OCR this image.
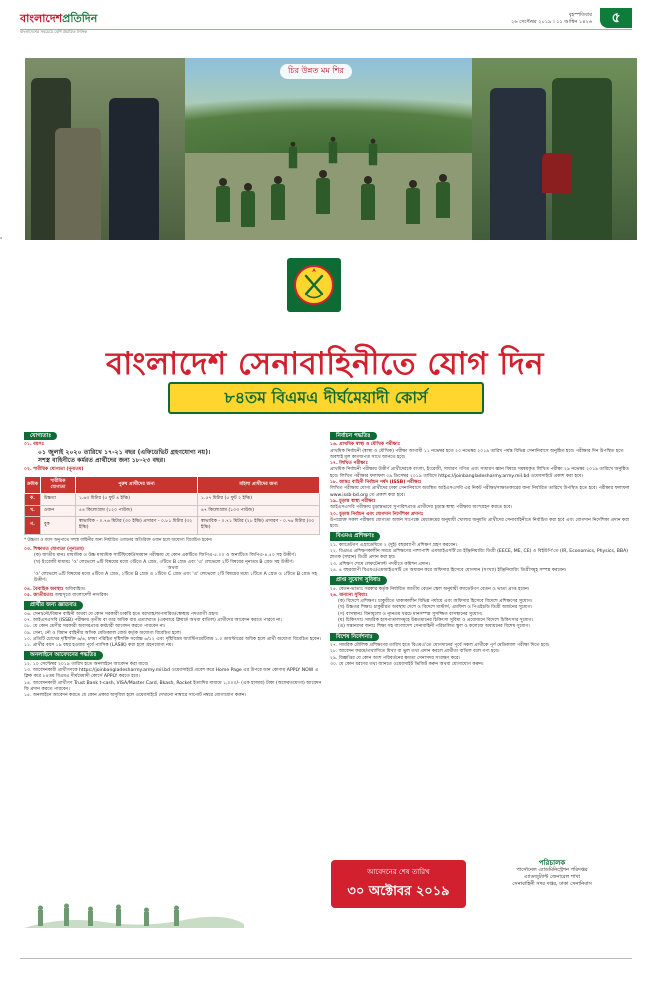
বাংলাদেশপ্রতিদিন
বাংলাদেশের সবচেয়ে বেশি প্রচারিত দৈনিক
বৃহস্পতিবার
২৬ সেপ্টেম্বর ২০১৯ । ১১ আশ্বিন ১৪২৬	৫
▪
চির উন্নত মম শির
বাংলাদেশ সেনাবাহিনীতে যোগ দিন
৮৪তম বিএমএ দীর্ঘমেয়াদী কোর্স
যোগ্যতাঃ
০১. বয়সঃ
০১ জুলাই ২০২০ তারিখে ১৭-২১ বছর (এফিডেভিট গ্রহণযোগ্য নয়)।
সশস্ত্র বাহিনীতে কর্মরত প্রার্থীদের জন্য ১৮-২৩ বছর।
০২. শারীরিক যোগ্যতা (নূন্যতম)
ক্রমিক	শারীরিক যোগ্যতা	পুরুষ প্রার্থীদের জন্য	মহিলা প্রার্থীদের জন্য
ক.	উচ্চতা	১.৬৩ মিটার (৫ ফুট ৪ ইঞ্চি)	১.৫৭ মিটার (৫ ফুট ২ ইঞ্চি)
খ.	ওজন	৫৪ কিলোগ্রাম (১২০ পাউন্ড)	৪৭ কিলোগ্রাম (১০৩ পাউন্ড)
গ.	বুক	স্বাভাবিক - ০.৭৬ মিটার (৩০ ইঞ্চি) প্রসারণ - ০.৮১ মিটার (৩২ ইঞ্চি)	স্বাভাবিক - ০.৭১ মিটার (২৮ ইঞ্চি) প্রসারণ - ০.৭৬ মিটার (৩০ ইঞ্চি)
* উচ্চতা ও বয়স অনুপাতে সশস্ত্র বাহিনীর জন্য নির্ধারিত ওজনের অতিরিক্ত ওজন হলে অযোগ্য বিবেচিত হবেন।
০৩. শিক্ষাগত যোগ্যতা (নূন্যতম)
(ক) জাতীয় মানঃ মাধ্যমিক ও উচ্চ মাধ্যমিক সার্টিফিকেট/সমমান পরীক্ষায় যে কোন একটিতে জিপিএ-৫.০০ ও অন্যটিতে জিপিএ-৪.৫০ সহ উত্তীর্ণ।
(খ) ইংরেজী মাধ্যমঃ 'ও' লেভেলে ৬টি বিষয়ের মধ্যে ৩টিতে A গ্রেড, ৩টিতে B গ্রেড এবং 'এ' লেভেলে ২টি বিষয়ের নূন্যতম B গ্রেড সহ উত্তীর্ণ।
অথবা
'ও' লেভেলে ৬টি বিষয়ের মধ্যে ৪টিতে A গ্রেড, ২টিতে B গ্রেড ও ১টিতে C গ্রেড এবং 'এ' লেভেলে ২টি বিষয়ের মধ্যে ১টিতে A গ্রেড ও ১টিতে B গ্রেড সহ উত্তীর্ণ।
০৪. বৈবাহিক অবস্থাঃ অবিবাহিত।
০৫. জাতীয়তাঃ জন্মসূত্রে বাংলাদেশী নাগরিক।
প্রার্থীর জন্য জ্ঞাতব্যঃ
০৬. সেনা/নৌ/বিমান বাহিনী অথবা যে কোন সরকারী চাকরি হতে বরখাস্ত/অপসারিত/স্বেচ্ছায় পদত্যাগী গ্রহণ।
০৭. আইএসএসবি (ISSB) পরীক্ষায় তৃতীয় বা তার অধিক বার প্রত্যাখ্যাত (একবারে ক্লিয়ার্ড অথবা বাতিল) প্রার্থীদের আবেদন করতে পারবে না।
০৮. যে কোন শ্রেণীর সরকারী অবসরপ্রাপ্ত কর্মচারী আবেদন করতে পারবেন না।
০৯. সেনা, নৌ ও বিমান বাহিনীর অসিক মেডিক্যাল বোর্ড কর্তৃক অযোগ্য বিবেচিত হলে।
১০. প্রতিটি চোখের দৃষ্টিশক্তি ৬/৬, চশমা পরিহিত দৃষ্টিশক্তি সর্বোচ্চ ৬/১২ এবং দৃষ্টিবিভ্রম অ্যাস্টিগমেটিজম ১.০ ডায়প্টারের অধিক হলে প্রার্থী অযোগ্য বিবেচিত হবেন।
১১. প্রার্থীর বয়স ১৯ বছর হওয়ার পূর্বে প্যাসিক (LASIK) করা হলে গ্রহণযোগ্য নয়।
অনলাইনে আবেদনের পদ্ধতিঃ
১২. ১০ সেপ্টেম্বর ২০১৯ তারিখ হতে অনলাইনে আবেদন করা যাবে।
১৩. আবেদনকারী প্রার্থীগণকে https://joinbangladesharmy.army.mil.bd ওয়েবসাইটে প্রবেশ করে Home Page এর উপরে ডান কোণায় APPLY NOW এ ক্লিক করে ৮৪তম বিএমএ দীর্ঘমেয়াদী কোর্সে APPLY করতে হবে।
১৪. আবেদনকারী প্রার্থীগণ Trust Bank t-cash, VISA/Master Card, Bkash, Rocket ইত্যাদির মাধ্যমে ১,০০০/- (এক হাজার) টাকা (অফেরতযোগ্য) আবেদন ফি প্রদান করতে পারবেন।
১৫. অনলাইনে আবেদন করতে যে কোন প্রকার অসুবিধা হলে ওয়েবসাইটে দেখানো নাম্বারে সাপোর্ট নম্বরে যোগাযোগ করুন।
নির্বাচন পদ্ধতিঃ
১৬. প্রাথমিক স্বাস্থ্য ও মৌখিক পরীক্ষাঃ
প্রাথমিক নির্বাচনী (স্বাস্থ্য ও মৌখিক) পরীক্ষা আগামী ১১ নভেম্বর হতে ২০ নভেম্বর ২০১৯ তারিখ পর্যন্ত বিভিন্ন সেনানিবাসে অনুষ্ঠিত হবে। পরীক্ষার দিন উপস্থিত হতে অবশ্যই মূল কাগজপত্র সাথে আনতে হবে।
১৭. লিখিত পরীক্ষাঃ
প্রাথমিক নির্বাচনী পরীক্ষায় উত্তীর্ণ প্রার্থীদেরকে বাংলা, ইংরেজী, সাধারণ গণিত এবং সাধারণ জ্ঞান বিষয়ে সমন্বয়কৃত লিখিত পরীক্ষা ২৯ নভেম্বর ২০১৯ তারিখে অনুষ্ঠিত হবে। লিখিত পরীক্ষার ফলাফল ০৯ ডিসেম্বর ২০১৯ তারিখে https://joinbangladesharmy.army.mil.bd ওয়েবসাইটে প্রকাশ করা হবে।
১৮. আন্তঃ বাহিনী নির্বাচন পর্ষদ (ISSB) পরীক্ষাঃ
লিখিত পরীক্ষায় যোগ্য প্রার্থীদের ঢাকা সেনানিবাসে অবস্থিত আইএসএসবি এর নিকট পরীক্ষা/সাক্ষাতকারের জন্য নির্ধারিত তারিখে উপস্থিত হতে হবে। পরীক্ষার ফলাফল www.issb-bd.org তে প্রকাশ করা হবে।
১৯. চূড়ান্ত স্বাস্থ্য পরীক্ষাঃ
আইএসএসবি পরীক্ষায় চূড়ান্তভাবে সুপারিশপ্রাপ্ত প্রার্থীদের চূড়ান্ত স্বাস্থ্য পরীক্ষায় অংশগ্রহণ করতে হবে।
২০. চূড়ান্ত নির্বাচন এবং যোগদান নির্দেশিকা প্রদানঃ
উপরোক্ত সকল পরীক্ষায় যোগ্যতা অর্জন সাপেক্ষে মেধাক্রমের অনুযায়ী খোলার অনুমতি প্রার্থীদের সেনাবাহিনীতে নির্বাচিত করা হবে এবং যোগদান নির্দেশিকা প্রদান করা হবে।
বিএমএ প্রশিক্ষণঃ
২১. ক্যাডেটগণ এগ্রাডেমিতে ২ (দুই) বছরব্যাপী প্রশিক্ষণ গ্রহণ করবেন।
২২. বিএমএ প্রশিক্ষণকালীন সময়ে প্রশিক্ষণের পাশাপাশি এমআইএসটি'তে ইঞ্জিনিয়ারিং ডিগ্রী (EECE, ME, CE) ও বিইউপি'তে (IR, Economics, Physics, BBA) স্নাতক (সম্মান) ডিগ্রী প্রদান করা হয়।
২৩. প্রশিক্ষণ শেষে লেফটেন্যান্ট পদবীতে কমিশন প্রদান।
২৪. ৪ বছরব্যাপী বিএমএ/এমআইএসটি তে অধ্যয়ন করে অফিসার হিসেবে যোগদান (সংখ্যা) ইঞ্জিনিয়ারিং ডিগ্রীসমূহ সম্পন্ন করবেন।
প্রাপ্ত সুযোগ সুবিধাঃ
২৫. বেতন-ভাতাঃ সরকার কর্তৃক নির্ধারিত জাতীয় বেতন স্কেল অনুযায়ী ক্যাডেটগণ বেতন ও ভাতা প্রাপ্ত হবেন।
২৬. অন্যান্য সুবিধাঃ
(ক) বিদেশে প্রশিক্ষণঃ চাকুরীতে থাকাকালীন বিভিন্ন পর্যায়ে এবং অফিসার হিসেবে বিদেশে প্রশিক্ষণের সুযোগ।
(খ) উচ্চতর শিক্ষাঃ চাকুরীরত অবস্থায় দেশে ও বিদেশে মাস্টার্স, এমফিল ও পিএইচডি ডিগ্রী অর্জনের সুযোগ।
(গ) বাসস্থানঃ বিনামূল্যে ও ন্যূনতম খরচে মানসম্পন্ন সুসজ্জিত বাসস্থানের সুযোগ।
(ঘ) চিকিৎসাঃ সামরিক হাসপাতালসমূহে উন্নতমানের চিকিৎসা সুবিধা ও প্রয়োজনে বিদেশে চিকিৎসার সুযোগ।
(ঙ) সন্তানদের জন্যঃ শিক্ষা সহ বাংলাদেশ সেনাবাহিনী পরিচালিত স্কুল ও কলেজে অধ্যয়নের বিশেষ সুযোগ।
বিশেষ নির্দেশনাঃ
২৭. সামরিক মৌলিক প্রশিক্ষণের তারিখ হতে বিএমএ'তে যোগদানের পূর্বে সকল প্রার্থীকে পূর্ণ মেডিক্যাল পরীক্ষা দিতে হবে।
২৮. আবেদন ফরমে/তথ্যাদিতে মিথ্যা বা ভুল তথ্য প্রদান করলে প্রার্থীতা বাতিল বলে গণ্য হবে।
২৯. বিজ্ঞপ্তির যে কোন অংশ পরিবর্তনের ক্ষমতা সেনাসদর সংরক্ষণ করে।
৩০. যে কোন ধরণের তথ্য জানতে ওয়েবসাইট ভিজিট করুন অথবা যোগাযোগ করুন।
আবেদনের শেষ তারিখ
৩০ অক্টোবর ২০১৯
পরিচালক
পার্সোনেল এ্যাডমিনিস্ট্রেশন পরিদপ্তর
এ্যাডজুট্যান্ট জেনারেল শাখা
সেনাবাহিনী সদর দপ্তর, ঢাকা সেনানিবাস
